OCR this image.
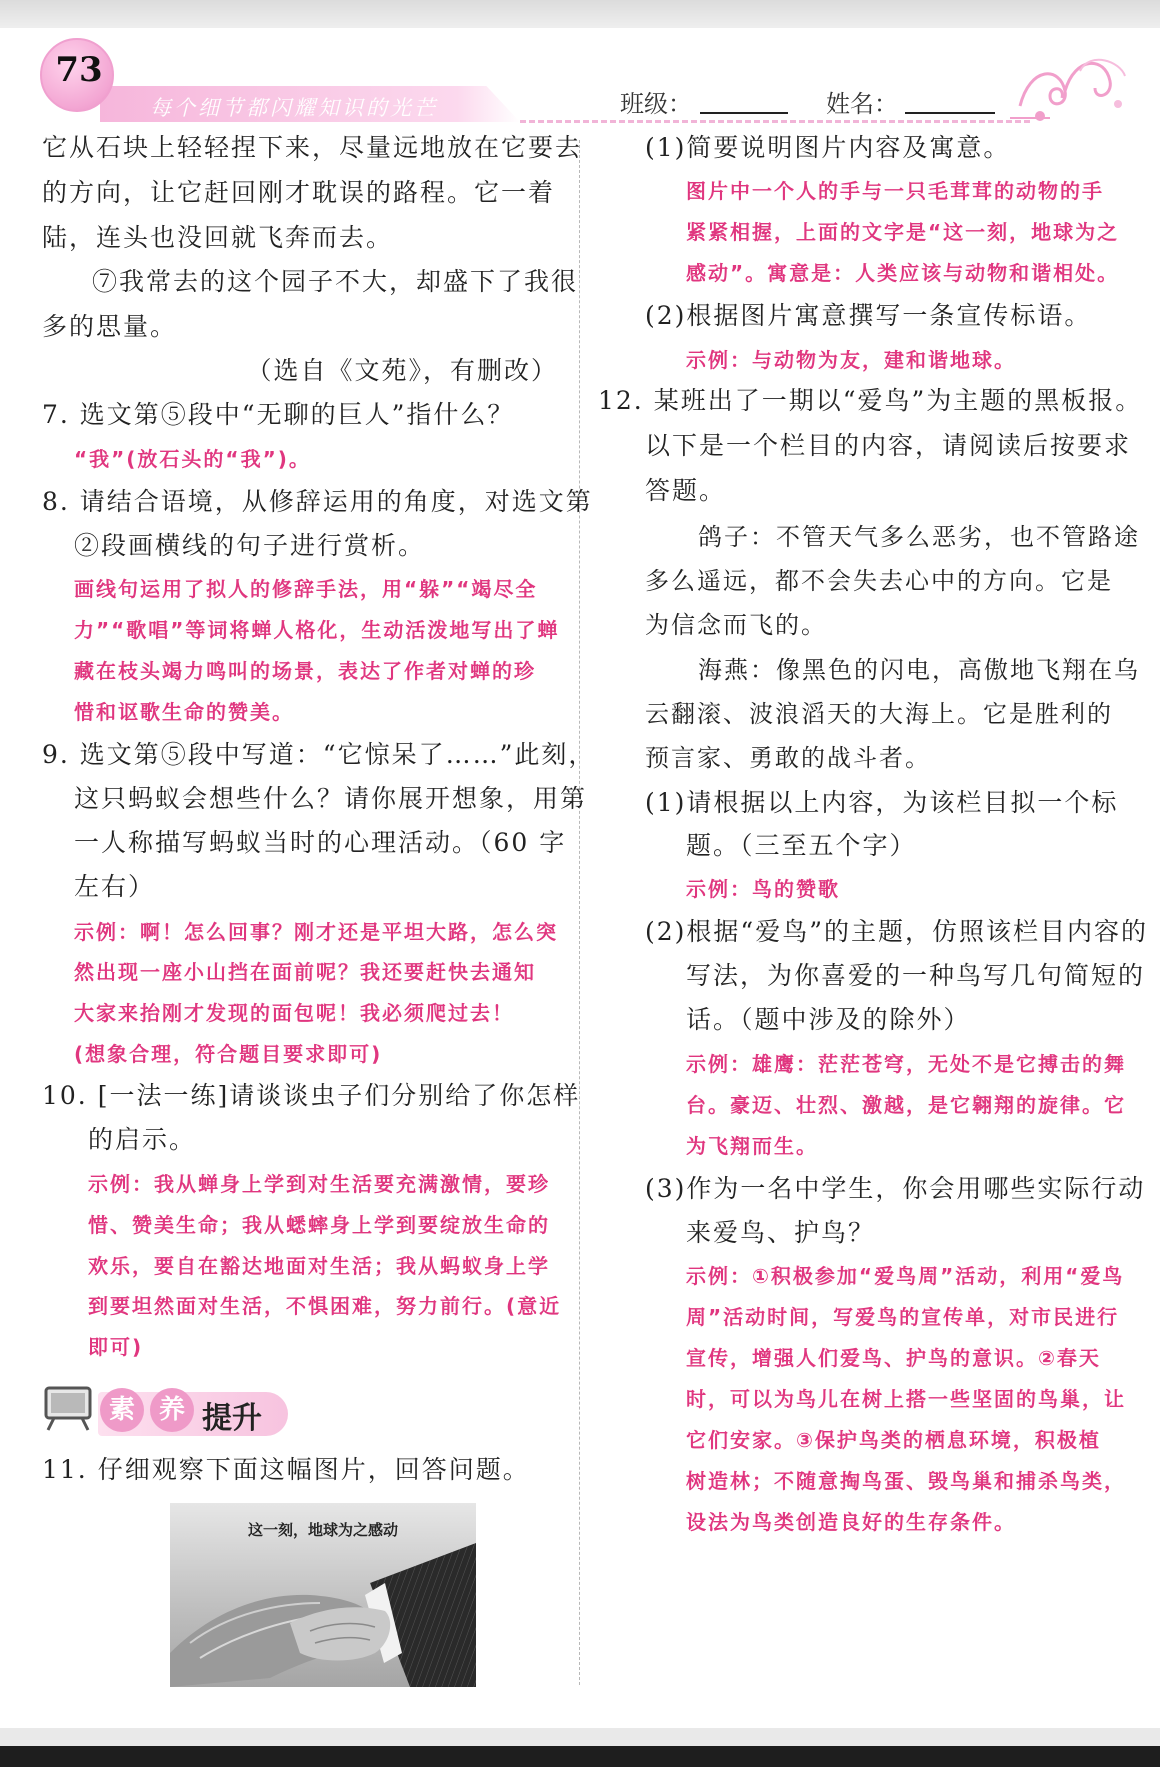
每个细节都闪耀知识的光芒
73
班级：	姓名：
它从石块上轻轻捏下来，尽量远地放在它要去
的方向，让它赶回刚才耽误的路程。它一着
陆，连头也没回就飞奔而去。
⑦我常去的这个园子不大，却盛下了我很
多的思量。
（选自《文苑》，有删改）
7. 选文第⑤段中“无聊的巨人”指什么？
“我”(放石头的“我”)。
8. 请结合语境，从修辞运用的角度，对选文第
②段画横线的句子进行赏析。
画线句运用了拟人的修辞手法，用“躲”“竭尽全
力”“歌唱”等词将蝉人格化，生动活泼地写出了蝉
藏在枝头竭力鸣叫的场景，表达了作者对蝉的珍
惜和讴歌生命的赞美。
9. 选文第⑤段中写道：“它惊呆了……”此刻，
这只蚂蚁会想些什么？请你展开想象，用第
一人称描写蚂蚁当时的心理活动。（60 字
左右）
示例：啊！怎么回事？刚才还是平坦大路，怎么突
然出现一座小山挡在面前呢？我还要赶快去通知
大家来抬刚才发现的面包呢！我必须爬过去！
(想象合理，符合题目要求即可)
10. [一法一练]请谈谈虫子们分别给了你怎样
的启示。
示例：我从蝉身上学到对生活要充满激情，要珍
惜、赞美生命；我从蟋蟀身上学到要绽放生命的
欢乐，要自在豁达地面对生活；我从蚂蚁身上学
到要坦然面对生活，不惧困难，努力前行。(意近
即可)
素 养 提升
11. 仔细观察下面这幅图片，回答问题。
这一刻，地球为之感动
(1)简要说明图片内容及寓意。
图片中一个人的手与一只毛茸茸的动物的手
紧紧相握，上面的文字是“这一刻，地球为之
感动”。寓意是：人类应该与动物和谐相处。
(2)根据图片寓意撰写一条宣传标语。
示例：与动物为友，建和谐地球。
12. 某班出了一期以“爱鸟”为主题的黑板报。
以下是一个栏目的内容，请阅读后按要求
答题。
鸽子：不管天气多么恶劣，也不管路途
多么遥远，都不会失去心中的方向。它是
为信念而飞的。
海燕：像黑色的闪电，高傲地飞翔在乌
云翻滚、波浪滔天的大海上。它是胜利的
预言家、勇敢的战斗者。
(1)请根据以上内容，为该栏目拟一个标
题。（三至五个字）
示例：鸟的赞歌
(2)根据“爱鸟”的主题，仿照该栏目内容的
写法，为你喜爱的一种鸟写几句简短的
话。（题中涉及的除外）
示例：雄鹰：茫茫苍穹，无处不是它搏击的舞
台。豪迈、壮烈、激越，是它翱翔的旋律。它
为飞翔而生。
(3)作为一名中学生，你会用哪些实际行动
来爱鸟、护鸟？
示例：①积极参加“爱鸟周”活动，利用“爱鸟
周”活动时间，写爱鸟的宣传单，对市民进行
宣传，增强人们爱鸟、护鸟的意识。②春天
时，可以为鸟儿在树上搭一些坚固的鸟巢，让
它们安家。③保护鸟类的栖息环境，积极植
树造林；不随意掏鸟蛋、毁鸟巢和捕杀鸟类，
设法为鸟类创造良好的生存条件。
